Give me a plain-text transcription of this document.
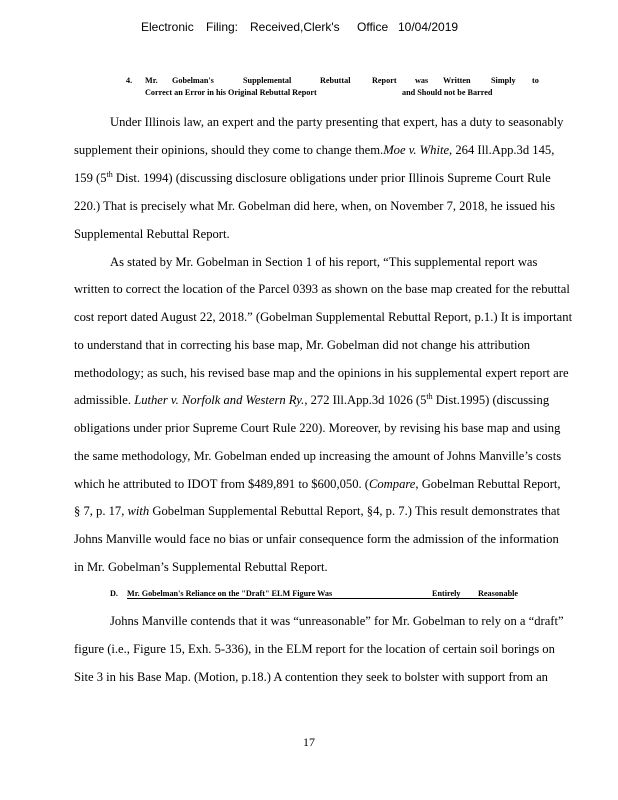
Electronic Filing: Received,Clerk's Office 10/04/2019
4. Mr. Gobelman's	Supplemental	Rebuttal	Report was Written Simply to
Correct an Error in his Original Rebuttal Report	and Should not be Barred
Under Illinois law, an expert and the party presenting that expert, has a duty to seasonably
supplement their opinions, should they come to change them.Moe v. White, 264 Ill.App.3d 145,
159 (5th Dist. 1994) (discussing disclosure obligations under prior Illinois Supreme Court Rule
220.) That is precisely what Mr. Gobelman did here, when, on November 7, 2018, he issued his
Supplemental Rebuttal Report.
As stated by Mr. Gobelman in Section 1 of his report, “This supplemental report was
written to correct the location of the Parcel 0393 as shown on the base map created for the rebuttal
cost report dated August 22, 2018.” (Gobelman Supplemental Rebuttal Report, p.1.) It is important
to understand that in correcting his base map, Mr. Gobelman did not change his attribution
methodology; as such, his revised base map and the opinions in his supplemental expert report are
admissible. Luther v. Norfolk and Western Ry., 272 Ill.App.3d 1026 (5th Dist.1995) (discussing
obligations under prior Supreme Court Rule 220). Moreover, by revising his base map and using
the same methodology, Mr. Gobelman ended up increasing the amount of Johns Manville’s costs
which he attributed to IDOT from $489,891 to $600,050. (Compare, Gobelman Rebuttal Report,
§ 7, p. 17, with Gobelman Supplemental Rebuttal Report, §4, p. 7.) This result demonstrates that
Johns Manville would face no bias or unfair consequence form the admission of the information
in Mr. Gobelman’s Supplemental Rebuttal Report.
D. Mr. Gobelman's Reliance on the "Draft" ELM Figure Was	Entirely Reasonable
Johns Manville contends that it was “unreasonable” for Mr. Gobelman to rely on a “draft”
figure (i.e., Figure 15, Exh. 5-336), in the ELM report for the location of certain soil borings on
Site 3 in his Base Map. (Motion, p.18.) A contention they seek to bolster with support from an
17
